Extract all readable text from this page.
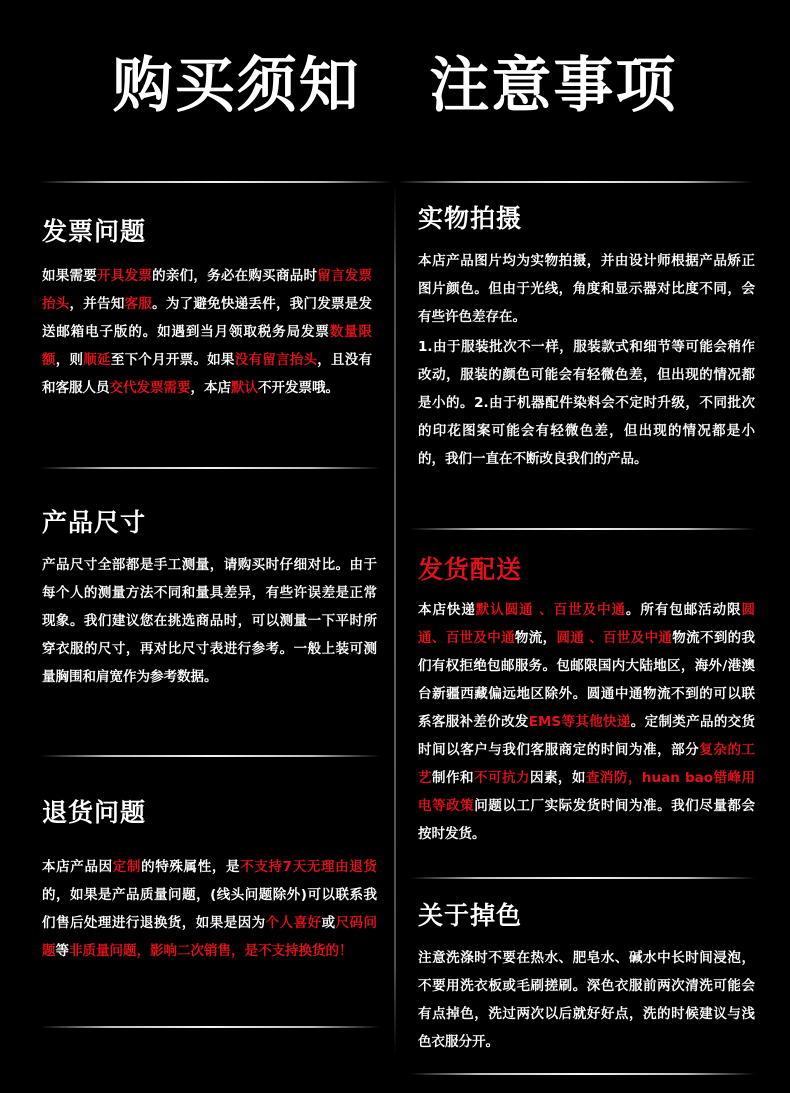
购买须知   注意事项
发票问题

如果需要开具发票的亲们，务必在购买商品时留言发票抬头，并告知客服。为了避免快递丢件，我门发票是发送邮箱电子版的。如遇到当月领取税务局发票数量限额，则顺延至下个月开票。如果没有留言抬头，且没有和客服人员交代发票需要，本店默认不开发票哦。

产品尺寸

产品尺寸全部都是手工测量，请购买时仔细对比。由于每个人的测量方法不同和量具差异，有些许误差是正常现象。我们建议您在挑选商品时，可以测量一下平时所穿衣服的尺寸，再对比尺寸表进行参考。一般上装可测量胸围和肩宽作为参考数据。

退货问题

本店产品因定制的特殊属性，是不支持7天无理由退货的，如果是产品质量问题，(线头问题除外)可以联系我们售后处理进行退换货，如果是因为个人喜好或尺码问题等非质量问题，影响二次销售，是不支持换货的！

实物拍摄

本店产品图片均为实物拍摄，并由设计师根据产品矫正图片颜色。但由于光线，角度和显示器对比度不同，会有些许色差存在。

1.由于服装批次不一样，服装款式和细节等可能会稍作改动，服装的颜色可能会有轻微色差，但出现的情况都是小的。2.由于机器配件染料会不定时升级，不同批次的印花图案可能会有轻微色差，但出现的情况都是小的，我们一直在不断改良我们的产品。

发货配送

本店快递默认圆通 、百世及中通。所有包邮活动限圆通、百世及中通物流，圆通 、百世及中通物流不到的我们有权拒绝包邮服务。包邮限国内大陆地区，海外/港澳台新疆西藏偏远地区除外。圆通中通物流不到的可以联系客服补差价改发EMS等其他快递。定制类产品的交货时间以客户与我们客服商定的时间为准，部分复杂的工艺制作和不可抗力因素，如查消防，huan bao错峰用电等政策问题以工厂实际发货时间为准。我们尽量都会按时发货。

关于掉色

注意洗涤时不要在热水、肥皂水、碱水中长时间浸泡，不要用洗衣板或毛刷搓刷。深色衣服前两次清洗可能会有点掉色，洗过两次以后就好好点，洗的时候建议与浅色衣服分开。
